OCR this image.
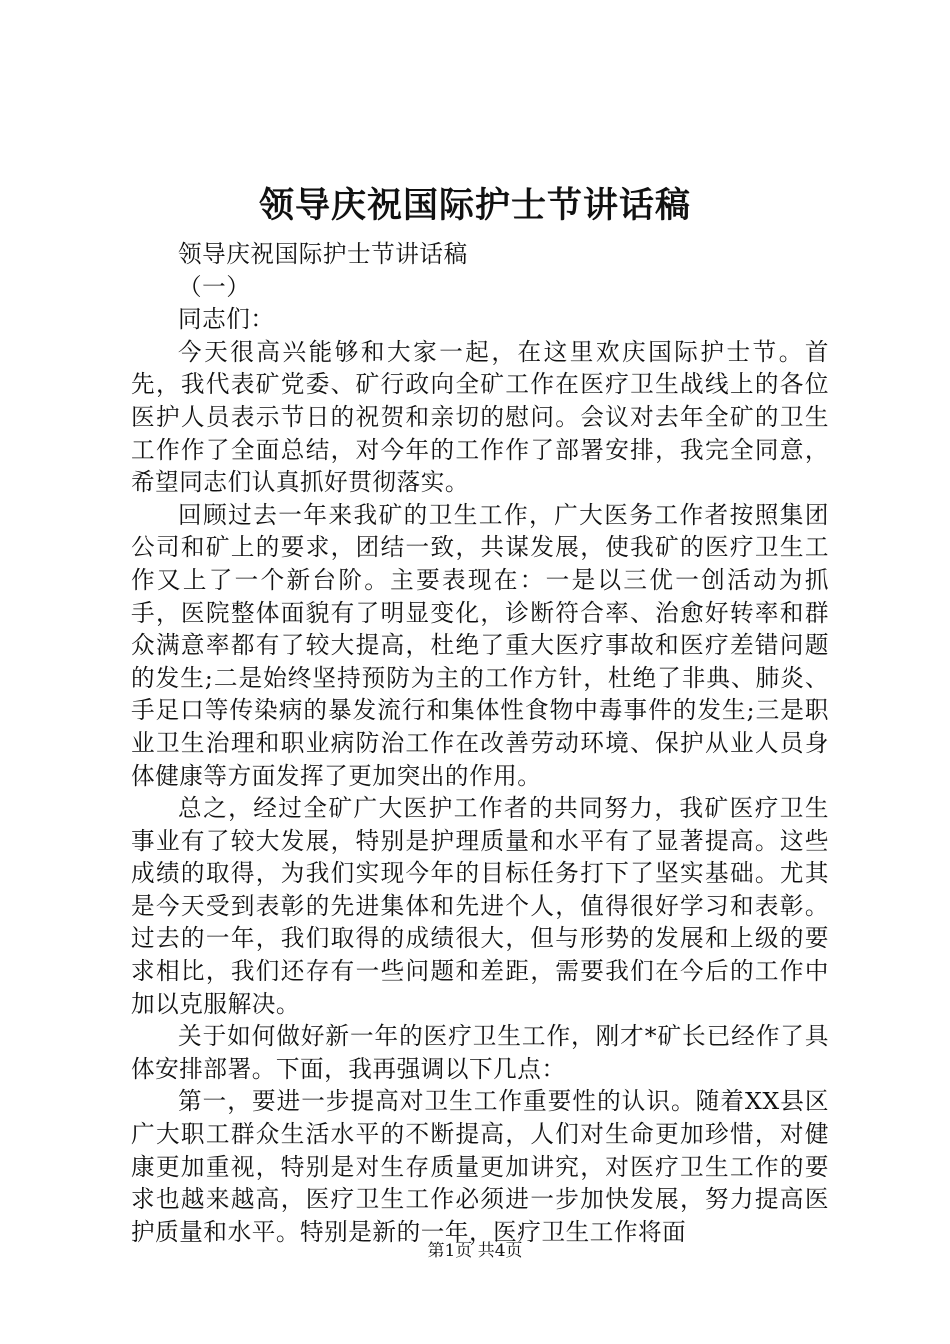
领导庆祝国际护士节讲话稿

领导庆祝国际护士节讲话稿

（一）

同志们：

今天很高兴能够和大家一起，在这里欢庆国际护士节。首先，我代表矿党委、矿行政向全矿工作在医疗卫生战线上的各位医护人员表示节日的祝贺和亲切的慰问。会议对去年全矿的卫生工作作了全面总结，对今年的工作作了部署安排，我完全同意，希望同志们认真抓好贯彻落实。

回顾过去一年来我矿的卫生工作，广大医务工作者按照集团公司和矿上的要求，团结一致，共谋发展，使我矿的医疗卫生工作又上了一个新台阶。主要表现在：一是以三优一创活动为抓手，医院整体面貌有了明显变化，诊断符合率、治愈好转率和群众满意率都有了较大提高，杜绝了重大医疗事故和医疗差错问题的发生;二是始终坚持预防为主的工作方针，杜绝了非典、肺炎、手足口等传染病的暴发流行和集体性食物中毒事件的发生;三是职业卫生治理和职业病防治工作在改善劳动环境、保护从业人员身体健康等方面发挥了更加突出的作用。

总之，经过全矿广大医护工作者的共同努力，我矿医疗卫生事业有了较大发展，特别是护理质量和水平有了显著提高。这些成绩的取得，为我们实现今年的目标任务打下了坚实基础。尤其是今天受到表彰的先进集体和先进个人，值得很好学习和表彰。过去的一年，我们取得的成绩很大，但与形势的发展和上级的要求相比，我们还存有一些问题和差距，需要我们在今后的工作中加以克服解决。

关于如何做好新一年的医疗卫生工作，刚才*矿长已经作了具体安排部署。下面，我再强调以下几点：

第一，要进一步提高对卫生工作重要性的认识。随着XX县区广大职工群众生活水平的不断提高，人们对生命更加珍惜，对健康更加重视，特别是对生存质量更加讲究，对医疗卫生工作的要求也越来越高，医疗卫生工作必须进一步加快发展，努力提高医护质量和水平。特别是新的一年，医疗卫生工作将面

第1页 共4页
